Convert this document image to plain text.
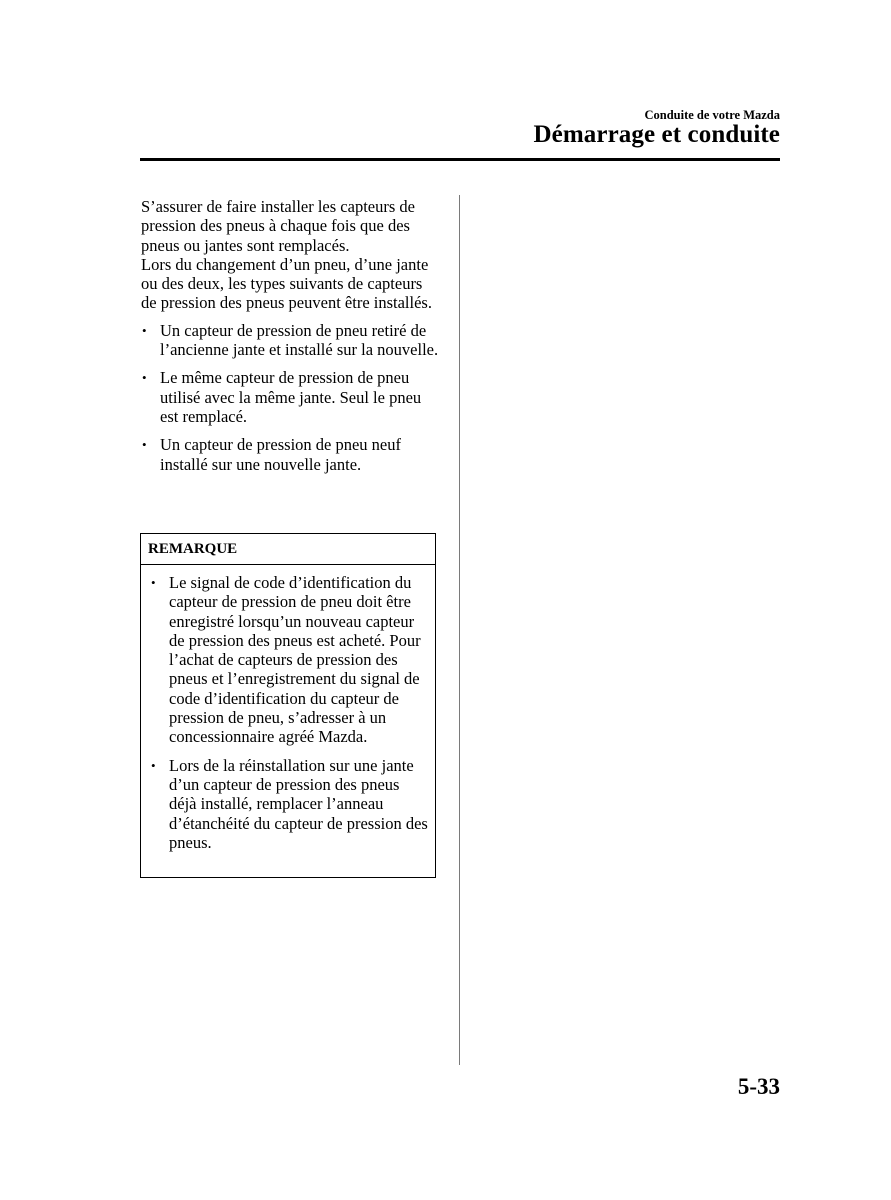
Conduite de votre Mazda
Démarrage et conduite

S’assurer de faire installer les capteurs de pression des pneus à chaque fois que des pneus ou jantes sont remplacés.

Lors du changement d’un pneu, d’une jante ou des deux, les types suivants de capteurs de pression des pneus peuvent être installés.

• Un capteur de pression de pneu retiré de l’ancienne jante et installé sur la nouvelle.
• Le même capteur de pression de pneu utilisé avec la même jante. Seul le pneu est remplacé.
• Un capteur de pression de pneu neuf installé sur une nouvelle jante.
REMARQUE
• Le signal de code d’identification du capteur de pression de pneu doit être enregistré lorsqu’un nouveau capteur de pression des pneus est acheté. Pour l’achat de capteurs de pression des pneus et l’enregistrement du signal de code d’identification du capteur de pression de pneu, s’adresser à un concessionnaire agréé Mazda.
• Lors de la réinstallation sur une jante d’un capteur de pression des pneus déjà installé, remplacer l’anneau d’étanchéité du capteur de pression des pneus.
5-33
